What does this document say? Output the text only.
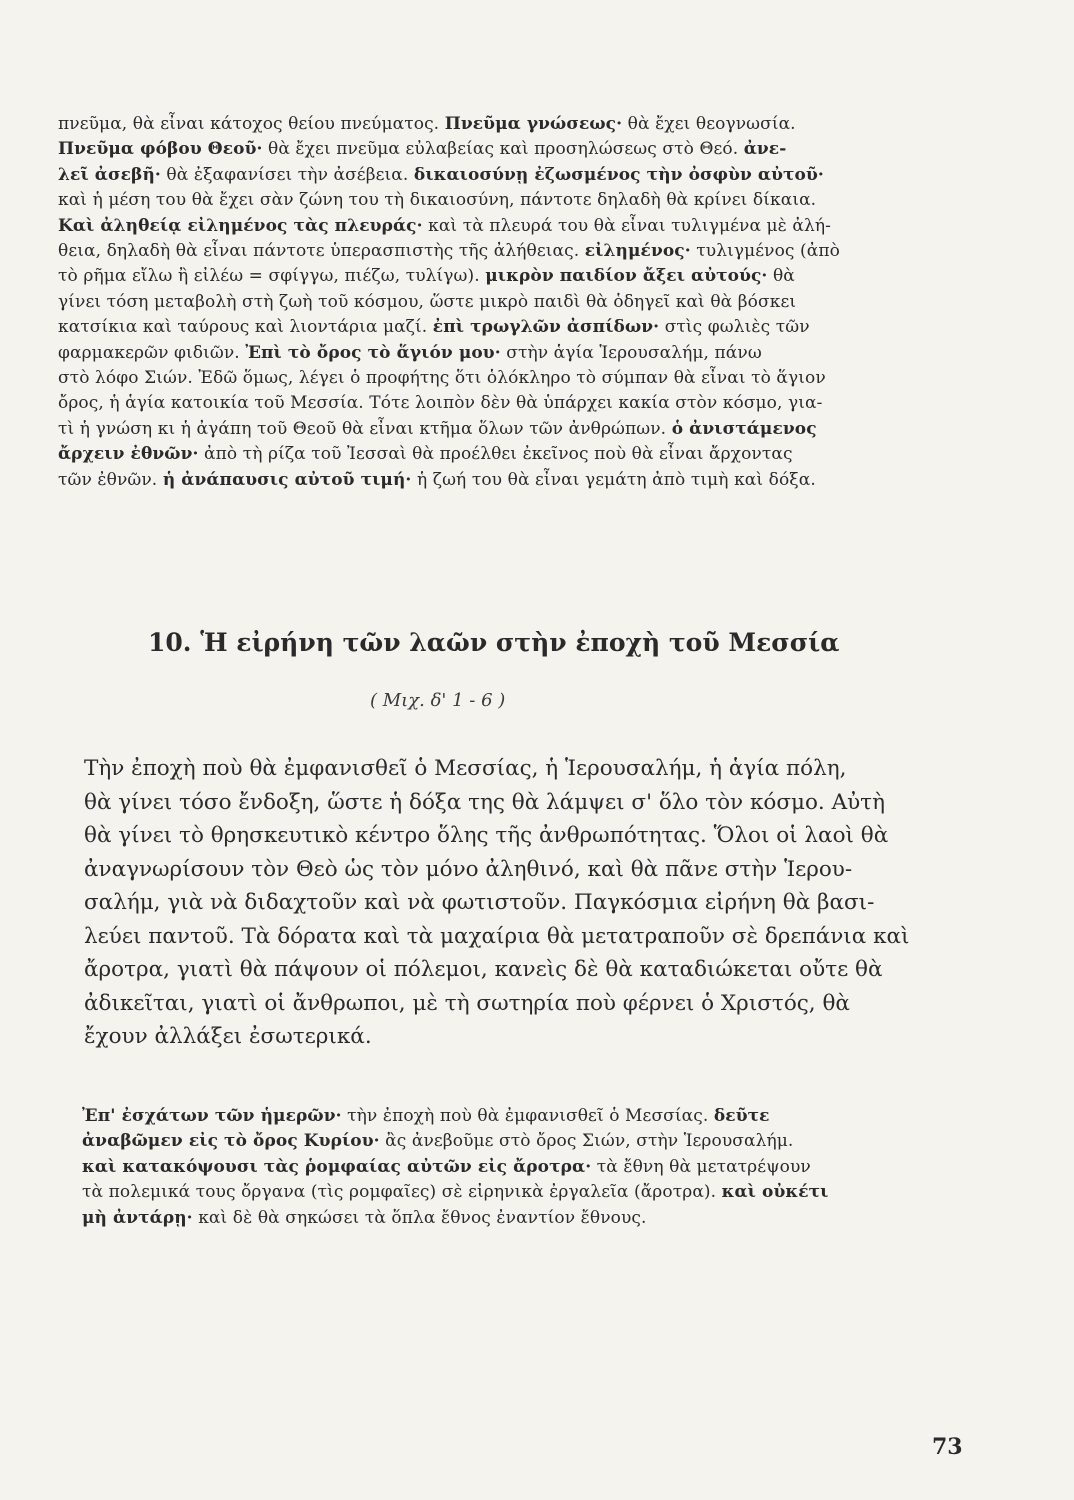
πνεῦμα, θὰ εἶναι κάτοχος θείου πνεύματος. Πνεῦμα γνώσεως· θὰ ἔχει θεογνωσία.
Πνεῦμα φόβου Θεοῦ· θὰ ἔχει πνεῦμα εὐλαβείας καὶ προσηλώσεως στὸ Θεό. ἀνε-
λεῖ ἀσεβῆ· θὰ ἐξαφανίσει τὴν ἀσέβεια. δικαιοσύνῃ ἐζωσμένος τὴν ὀσφὺν αὐτοῦ·
καὶ ἡ μέση του θὰ ἔχει σὰν ζώνη του τὴ δικαιοσύνη, πάντοτε δηλαδὴ θὰ κρίνει δίκαια.
Καὶ ἀληθείᾳ εἰλημένος τὰς πλευράς· καὶ τὰ πλευρά του θὰ εἶναι τυλιγμένα μὲ ἀλή-
θεια, δηλαδὴ θὰ εἶναι πάντοτε ὑπερασπιστὴς τῆς ἀλήθειας. εἰλημένος· τυλιγμένος (ἀπὸ
τὸ ρῆμα εἴλω ἢ εἰλέω = σφίγγω, πιέζω, τυλίγω). μικρὸν παιδίον ἄξει αὐτούς· θὰ
γίνει τόση μεταβολὴ στὴ ζωὴ τοῦ κόσμου, ὥστε μικρὸ παιδὶ θὰ ὁδηγεῖ καὶ θὰ βόσκει
κατσίκια καὶ ταύρους καὶ λιοντάρια μαζί. ἐπὶ τρωγλῶν ἀσπίδων· στὶς φωλιὲς τῶν
φαρμακερῶν φιδιῶν. Ἐπὶ τὸ ὄρος τὸ ἅγιόν μου· στὴν ἁγία Ἱερουσαλήμ, πάνω
στὸ λόφο Σιών. Ἐδῶ ὅμως, λέγει ὁ προφήτης ὅτι ὁλόκληρο τὸ σύμπαν θὰ εἶναι τὸ ἅγιον
ὄρος, ἡ ἁγία κατοικία τοῦ Μεσσία. Τότε λοιπὸν δὲν θὰ ὑπάρχει κακία στὸν κόσμο, για-
τὶ ἡ γνώση κι ἡ ἀγάπη τοῦ Θεοῦ θὰ εἶναι κτῆμα ὅλων τῶν ἀνθρώπων. ὁ ἀνιστάμενος
ἄρχειν ἐθνῶν· ἀπὸ τὴ ρίζα τοῦ Ἰεσσαὶ θὰ προέλθει ἐκεῖνος ποὺ θὰ εἶναι ἄρχοντας
τῶν ἐθνῶν. ἡ ἀνάπαυσις αὐτοῦ τιμή· ἡ ζωή του θὰ εἶναι γεμάτη ἀπὸ τιμὴ καὶ δόξα.
10. Ἡ εἰρήνη τῶν λαῶν στὴν ἐποχὴ τοῦ Μεσσία
( Μιχ. δ' 1 - 6 )
Τὴν ἐποχὴ ποὺ θὰ ἐμφανισθεῖ ὁ Μεσσίας, ἡ Ἱερουσαλήμ, ἡ ἁγία πόλη,
θὰ γίνει τόσο ἔνδοξη, ὥστε ἡ δόξα της θὰ λάμψει σ' ὅλο τὸν κόσμο. Αὐτὴ
θὰ γίνει τὸ θρησκευτικὸ κέντρο ὅλης τῆς ἀνθρωπότητας. Ὅλοι οἱ λαοὶ θὰ
ἀναγνωρίσουν τὸν Θεὸ ὡς τὸν μόνο ἀληθινό, καὶ θὰ πᾶνε στὴν Ἱερου-
σαλήμ, γιὰ νὰ διδαχτοῦν καὶ νὰ φωτιστοῦν. Παγκόσμια εἰρήνη θὰ βασι-
λεύει παντοῦ. Τὰ δόρατα καὶ τὰ μαχαίρια θὰ μετατραποῦν σὲ δρεπάνια καὶ
ἄροτρα, γιατὶ θὰ πάψουν οἱ πόλεμοι, κανεὶς δὲ θὰ καταδιώκεται οὔτε θὰ
ἀδικεῖται, γιατὶ οἱ ἄνθρωποι, μὲ τὴ σωτηρία ποὺ φέρνει ὁ Χριστός, θὰ
ἔχουν ἀλλάξει ἐσωτερικά.
Ἐπ' ἐσχάτων τῶν ἡμερῶν· τὴν ἐποχὴ ποὺ θὰ ἐμφανισθεῖ ὁ Μεσσίας. δεῦτε
ἀναβῶμεν εἰς τὸ ὄρος Κυρίου· ἂς ἀνεβοῦμε στὸ ὄρος Σιών, στὴν Ἱερουσαλήμ.
καὶ κατακόψουσι τὰς ῥομφαίας αὐτῶν εἰς ἄροτρα· τὰ ἔθνη θὰ μετατρέψουν
τὰ πολεμικά τους ὄργανα (τὶς ρομφαῖες) σὲ εἰρηνικὰ ἐργαλεῖα (ἄροτρα). καὶ οὐκέτι
μὴ ἀντάρῃ· καὶ δὲ θὰ σηκώσει τὰ ὅπλα ἔθνος ἐναντίον ἔθνους.
73
